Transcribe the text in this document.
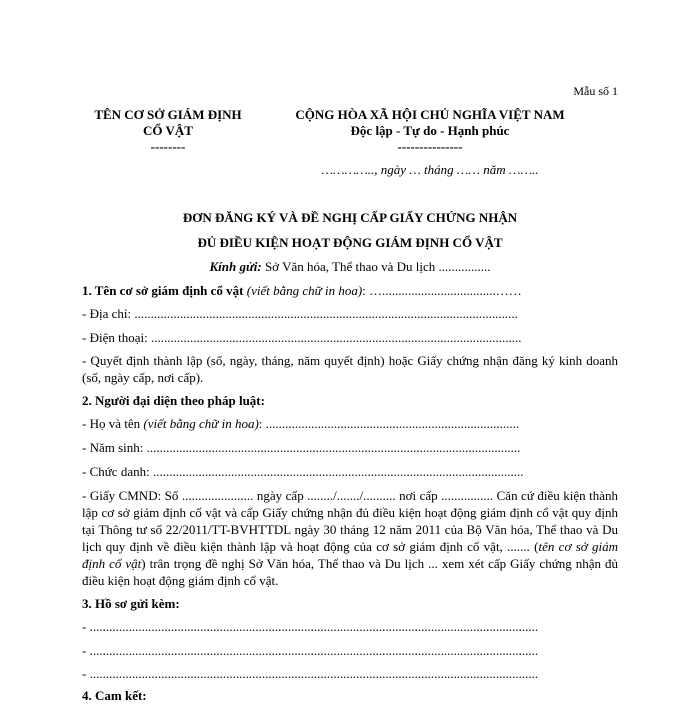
Mẫu số 1
TÊN CƠ SỞ GIÁM ĐỊNH
CỔ VẬT
--------
CỘNG HÒA XÃ HỘI CHỦ NGHĨA VIỆT NAM
Độc lập - Tự do - Hạnh phúc
---------------
………….., ngày … tháng …… năm ……..
ĐƠN ĐĂNG KÝ VÀ ĐỀ NGHỊ CẤP GIẤY CHỨNG NHẬN
ĐỦ ĐIỀU KIỆN HOẠT ĐỘNG GIÁM ĐỊNH CỔ VẬT
Kính gửi: Sở Văn hóa, Thể thao và Du lịch ................
1. Tên cơ sở giám định cổ vật (viết bằng chữ in hoa): …...................................……
- Địa chỉ: ......................................................................................................................
- Điện thoại: ..................................................................................................................
- Quyết định thành lập (số, ngày, tháng, năm quyết định) hoặc Giấy chứng nhận đăng ký kinh doanh (số, ngày cấp, nơi cấp).
2. Người đại diện theo pháp luật:
- Họ và tên (viết bằng chữ in hoa): ..............................................................................
- Năm sinh: ...................................................................................................................
- Chức danh: ..................................................................................................................
- Giấy CMND: Số ...................... ngày cấp ......../......./.......... nơi cấp ................ Căn cứ điều kiện thành lập cơ sở giám định cổ vật và cấp Giấy chứng nhận đủ điều kiện hoạt động giám định cổ vật quy định tại Thông tư số 22/2011/TT-BVHTTDL ngày 30 tháng 12 năm 2011 của Bộ Văn hóa, Thể thao và Du lịch quy định về điều kiện thành lập và hoạt động của cơ sở giám định cổ vật, ....... (tên cơ sở giám định cổ vật) trân trọng đề nghị Sở Văn hóa, Thể thao và Du lịch ... xem xét cấp Giấy chứng nhận đủ điều kiện hoạt động giám định cổ vật.
3. Hồ sơ gửi kèm:
- ..........................................................................................................................................
- ..........................................................................................................................................
- ..........................................................................................................................................
4. Cam kết:
